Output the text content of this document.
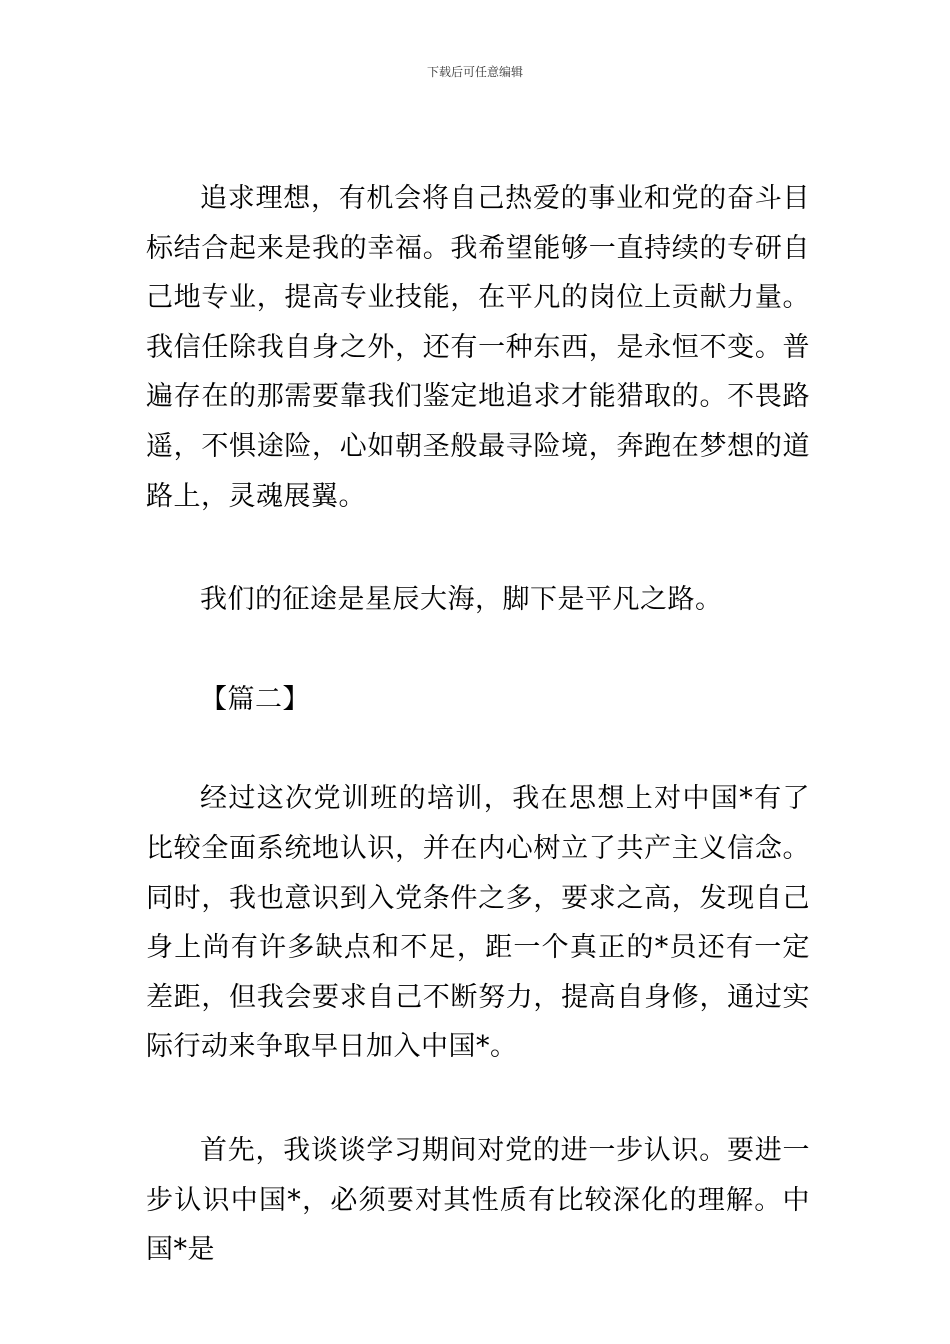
下载后可任意编辑

追求理想，有机会将自己热爱的事业和党的奋斗目标结合起来是我的幸福。我希望能够一直持续的专研自己地专业，提高专业技能，在平凡的岗位上贡献力量。我信任除我自身之外，还有一种东西，是永恒不变。普遍存在的那需要靠我们鉴定地追求才能猎取的。不畏路遥，不惧途险，心如朝圣般最寻险境，奔跑在梦想的道路上，灵魂展翼。

我们的征途是星辰大海，脚下是平凡之路。

【篇二】

经过这次党训班的培训，我在思想上对中国*有了比较全面系统地认识，并在内心树立了共产主义信念。同时，我也意识到入党条件之多，要求之高，发现自己身上尚有许多缺点和不足，距一个真正的*员还有一定差距，但我会要求自己不断努力，提高自身修，通过实际行动来争取早日加入中国*。

首先，我谈谈学习期间对党的进一步认识。要进一步认识中国*，必须要对其性质有比较深化的理解。中国*是
